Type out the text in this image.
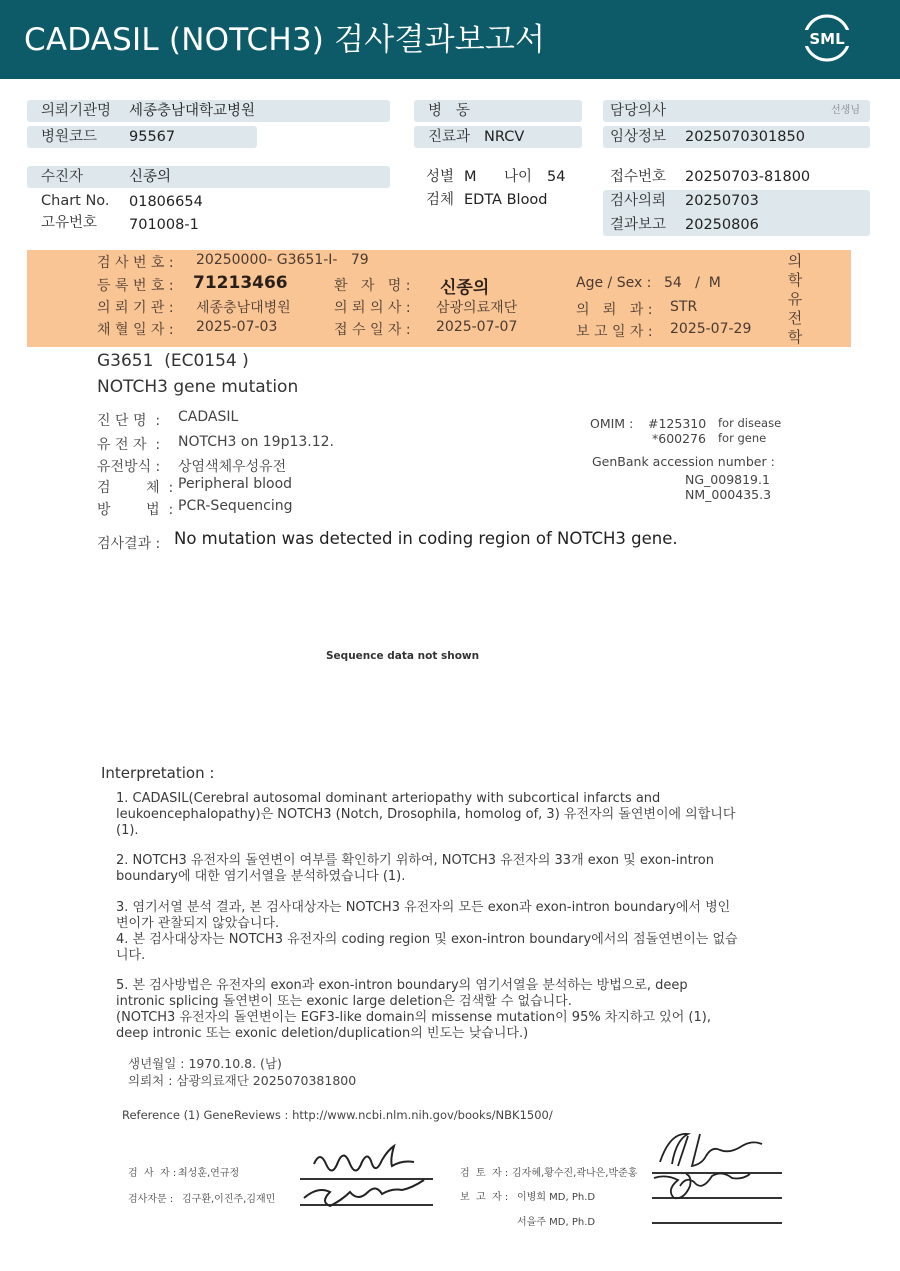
CADASIL (NOTCH3) 검사결과보고서	SML
의뢰기관명 세종충남대학교병원	병   동	담당의사	선생님
병원코드 95567	진료과 NRCV	임상정보 2025070301850
수진자	신종의	성별 M 나이 54	접수번호 20250703-81800
Chart No. 01806654	검체 EDTA Blood	검사의뢰 20250703
결과보고 20250806
고유번호 701008-1
검 사 번 호 : 20250000- G3651-I-   79
등 록 번 호 : 71213466	환   자   명 : 신종의	Age / Sex : 54   /  M
의 뢰 기 관 : 세종충남대병원	의 뢰 의 사 : 삼광의료재단	의   뢰   과 : STR
채 혈 일 자 : 2025-07-03	접 수 일 자 : 2025-07-07	보 고 일 자 : 2025-07-29
의
학
유
전
학
G3651  (EC0154 )
NOTCH3 gene mutation
진 단 명  : CADASIL
유 전 자  : NOTCH3 on 19p13.12.
유전방식 : 상염색체우성유전
검        체  : Peripheral blood
방        법  : PCR-Sequencing
OMIM : #125310 for disease
*600276 for gene
GenBank accession number :
NG_009819.1
NM_000435.3
검사결과 : No mutation was detected in coding region of NOTCH3 gene.
Sequence data not shown
Interpretation :
1. CADASIL(Cerebral autosomal dominant arteriopathy with subcortical infarcts and
leukoencephalopathy)은 NOTCH3 (Notch, Drosophila, homolog of, 3) 유전자의 돌연변이에 의합니다
(1).
2. NOTCH3 유전자의 돌연변이 여부를 확인하기 위하여, NOTCH3 유전자의 33개 exon 및 exon-intron
boundary에 대한 염기서열을 분석하였습니다 (1).
3. 염기서열 분석 결과, 본 검사대상자는 NOTCH3 유전자의 모든 exon과 exon-intron boundary에서 병인
변이가 관찰되지 않았습니다.
4. 본 검사대상자는 NOTCH3 유전자의 coding region 및 exon-intron boundary에서의 점돌연변이는 없습
니다.
5. 본 검사방법은 유전자의 exon과 exon-intron boundary의 염기서열을 분석하는 방법으로, deep
intronic splicing 돌연변이 또는 exonic large deletion은 검색할 수 없습니다.
(NOTCH3 유전자의 돌연변이는 EGF3-like domain의 missense mutation이 95% 차지하고 있어 (1),
deep intronic 또는 exonic deletion/duplication의 빈도는 낮습니다.)
생년월일 : 1970.10.8. (남)
의뢰처 : 삼광의료재단 2025070381800
Reference (1) GeneReviews : http://www.ncbi.nlm.nih.gov/books/NBK1500/
검  사  자 : 최성훈,연규정
검사자문 : 김구환,이진주,김재민
검  토  자 : 김자혜,황수진,곽나은,박준홍
보  고  자 : 이병희 MD, Ph.D
서을주 MD, Ph.D
